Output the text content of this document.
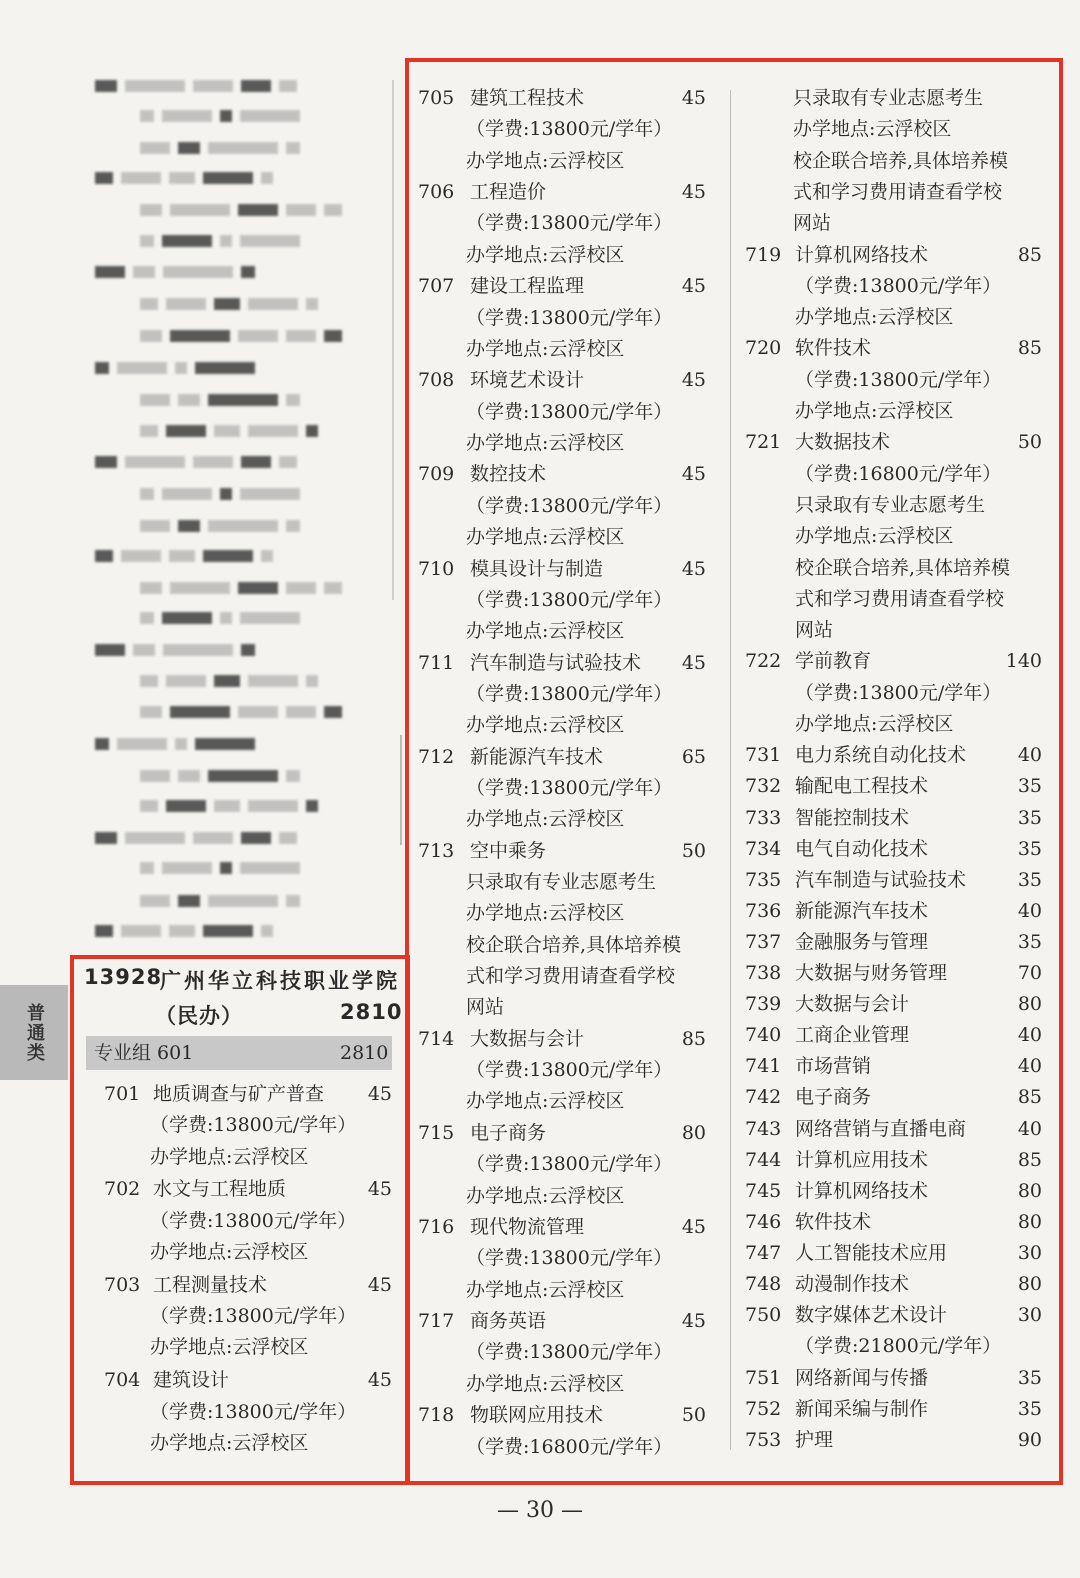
普通类
13928
广州华立科技职业学院
（民办）	2810
专业组 601	2810
701 地质调查与矿产普查	45
（学费:13800元/学年）
办学地点:云浮校区
702 水文与工程地质	45
（学费:13800元/学年）
办学地点:云浮校区
703 工程测量技术	45
（学费:13800元/学年）
办学地点:云浮校区
704 建筑设计	45
（学费:13800元/学年）
办学地点:云浮校区
705 建筑工程技术	45
（学费:13800元/学年）
办学地点:云浮校区
706 工程造价	45
（学费:13800元/学年）
办学地点:云浮校区
707 建设工程监理	45
（学费:13800元/学年）
办学地点:云浮校区
708 环境艺术设计	45
（学费:13800元/学年）
办学地点:云浮校区
709 数控技术	45
（学费:13800元/学年）
办学地点:云浮校区
710 模具设计与制造	45
（学费:13800元/学年）
办学地点:云浮校区
711 汽车制造与试验技术	45
（学费:13800元/学年）
办学地点:云浮校区
712 新能源汽车技术	65
（学费:13800元/学年）
办学地点:云浮校区
713 空中乘务	50
只录取有专业志愿考生
办学地点:云浮校区
校企联合培养,具体培养模
式和学习费用请查看学校
网站
714 大数据与会计	85
（学费:13800元/学年）
办学地点:云浮校区
715 电子商务	80
（学费:13800元/学年）
办学地点:云浮校区
716 现代物流管理	45
（学费:13800元/学年）
办学地点:云浮校区
717 商务英语	45
（学费:13800元/学年）
办学地点:云浮校区
718 物联网应用技术	50
（学费:16800元/学年）
只录取有专业志愿考生
办学地点:云浮校区
校企联合培养,具体培养模
式和学习费用请查看学校
网站
719 计算机网络技术	85
（学费:13800元/学年）
办学地点:云浮校区
720 软件技术	85
（学费:13800元/学年）
办学地点:云浮校区
721 大数据技术	50
（学费:16800元/学年）
只录取有专业志愿考生
办学地点:云浮校区
校企联合培养,具体培养模
式和学习费用请查看学校
网站
722 学前教育	140
（学费:13800元/学年）
办学地点:云浮校区
731 电力系统自动化技术	40
732 输配电工程技术	35
733 智能控制技术	35
734 电气自动化技术	35
735 汽车制造与试验技术	35
736 新能源汽车技术	40
737 金融服务与管理	35
738 大数据与财务管理	70
739 大数据与会计	80
740 工商企业管理	40
741 市场营销	40
742 电子商务	85
743 网络营销与直播电商	40
744 计算机应用技术	85
745 计算机网络技术	80
746 软件技术	80
747 人工智能技术应用	30
748 动漫制作技术	80
750 数字媒体艺术设计	30
（学费:21800元/学年）
751 网络新闻与传播	35
752 新闻采编与制作	35
753 护理	90
— 30 —
